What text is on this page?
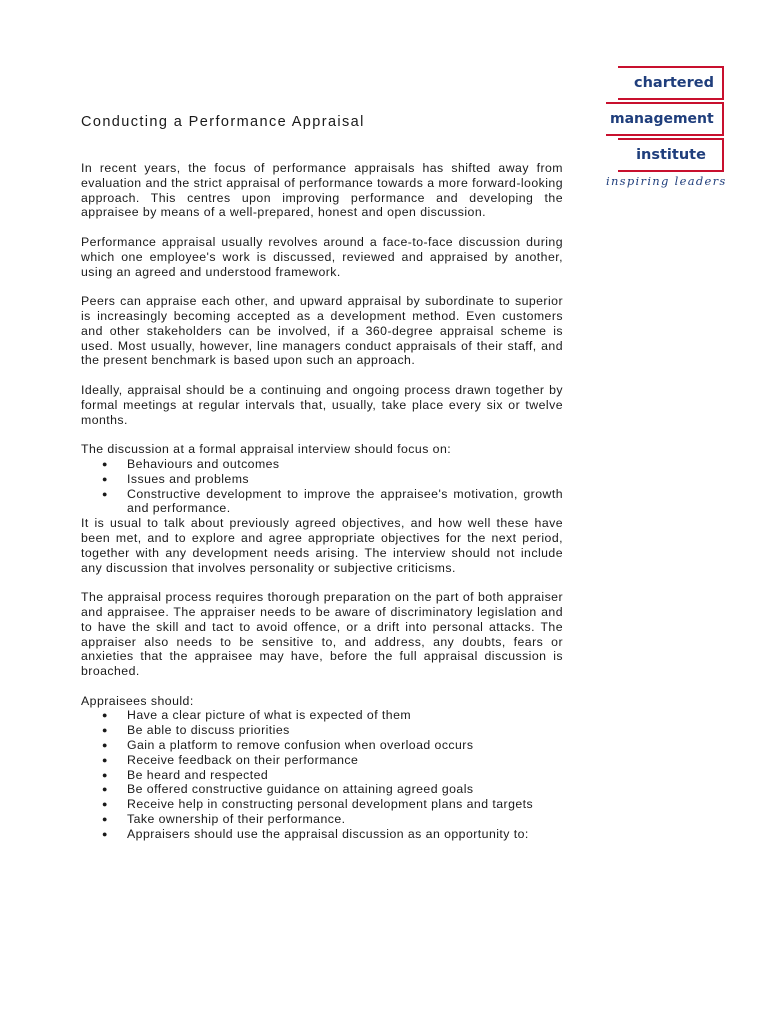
chartered
management
institute
inspiring leaders
Conducting a Performance Appraisal

In recent years, the focus of performance appraisals has shifted away from evaluation and the strict appraisal of performance towards a more forward-looking approach. This centres upon improving performance and developing the appraisee by means of a well-prepared, honest and open discussion.

Performance appraisal usually revolves around a face-to-face discussion during which one employee's work is discussed, reviewed and appraised by another, using an agreed and understood framework.

Peers can appraise each other, and upward appraisal by subordinate to superior is increasingly becoming accepted as a development method. Even customers and other stakeholders can be involved, if a 360-degree appraisal scheme is used. Most usually, however, line managers conduct appraisals of their staff, and the present benchmark is based upon such an approach.

Ideally, appraisal should be a continuing and ongoing process drawn together by formal meetings at regular intervals that, usually, take place every six or twelve months.

The discussion at a formal appraisal interview should focus on:

● Behaviours and outcomes
● Issues and problems
● Constructive development to improve the appraisee's motivation, growth and performance.

It is usual to talk about previously agreed objectives, and how well these have been met, and to explore and agree appropriate objectives for the next period, together with any development needs arising. The interview should not include any discussion that involves personality or subjective criticisms.

The appraisal process requires thorough preparation on the part of both appraiser and appraisee. The appraiser needs to be aware of discriminatory legislation and to have the skill and tact to avoid offence, or a drift into personal attacks. The appraiser also needs to be sensitive to, and address, any doubts, fears or anxieties that the appraisee may have, before the full appraisal discussion is broached.

Appraisees should:

● Have a clear picture of what is expected of them
● Be able to discuss priorities
● Gain a platform to remove confusion when overload occurs
● Receive feedback on their performance
● Be heard and respected
● Be offered constructive guidance on attaining agreed goals
● Receive help in constructing personal development plans and targets
● Take ownership of their performance.
● Appraisers should use the appraisal discussion as an opportunity to:
